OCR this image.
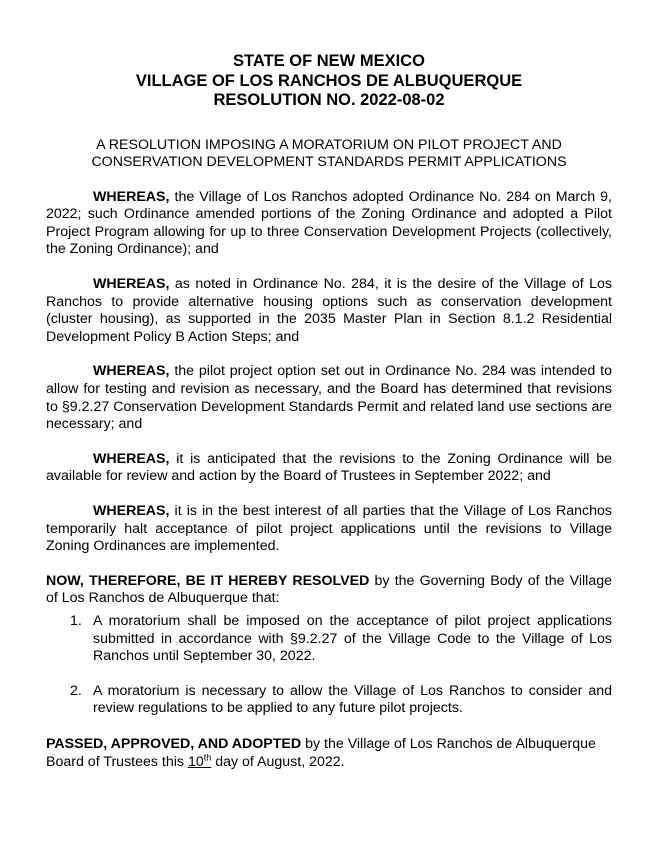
STATE OF NEW MEXICO

VILLAGE OF LOS RANCHOS DE ALBUQUERQUE

RESOLUTION NO. 2022-08-02

A RESOLUTION IMPOSING A MORATORIUM ON PILOT PROJECT AND CONSERVATION DEVELOPMENT STANDARDS PERMIT APPLICATIONS

WHEREAS, the Village of Los Ranchos adopted Ordinance No. 284 on March 9, 2022; such Ordinance amended portions of the Zoning Ordinance and adopted a Pilot Project Program allowing for up to three Conservation Development Projects (collectively, the Zoning Ordinance); and

WHEREAS, as noted in Ordinance No. 284, it is the desire of the Village of Los Ranchos to provide alternative housing options such as conservation development (cluster housing), as supported in the 2035 Master Plan in Section 8.1.2 Residential Development Policy B Action Steps; and

WHEREAS, the pilot project option set out in Ordinance No. 284 was intended to allow for testing and revision as necessary, and the Board has determined that revisions to §9.2.27 Conservation Development Standards Permit and related land use sections are necessary; and

WHEREAS, it is anticipated that the revisions to the Zoning Ordinance will be available for review and action by the Board of Trustees in September 2022; and

WHEREAS, it is in the best interest of all parties that the Village of Los Ranchos temporarily halt acceptance of pilot project applications until the revisions to Village Zoning Ordinances are implemented.

NOW, THEREFORE, BE IT HEREBY RESOLVED by the Governing Body of the Village of Los Ranchos de Albuquerque that:

1. A moratorium shall be imposed on the acceptance of pilot project applications submitted in accordance with §9.2.27 of the Village Code to the Village of Los Ranchos until September 30, 2022.
2. A moratorium is necessary to allow the Village of Los Ranchos to consider and review regulations to be applied to any future pilot projects.

PASSED, APPROVED, AND ADOPTED by the Village of Los Ranchos de Albuquerque Board of Trustees this 10th day of August, 2022.
